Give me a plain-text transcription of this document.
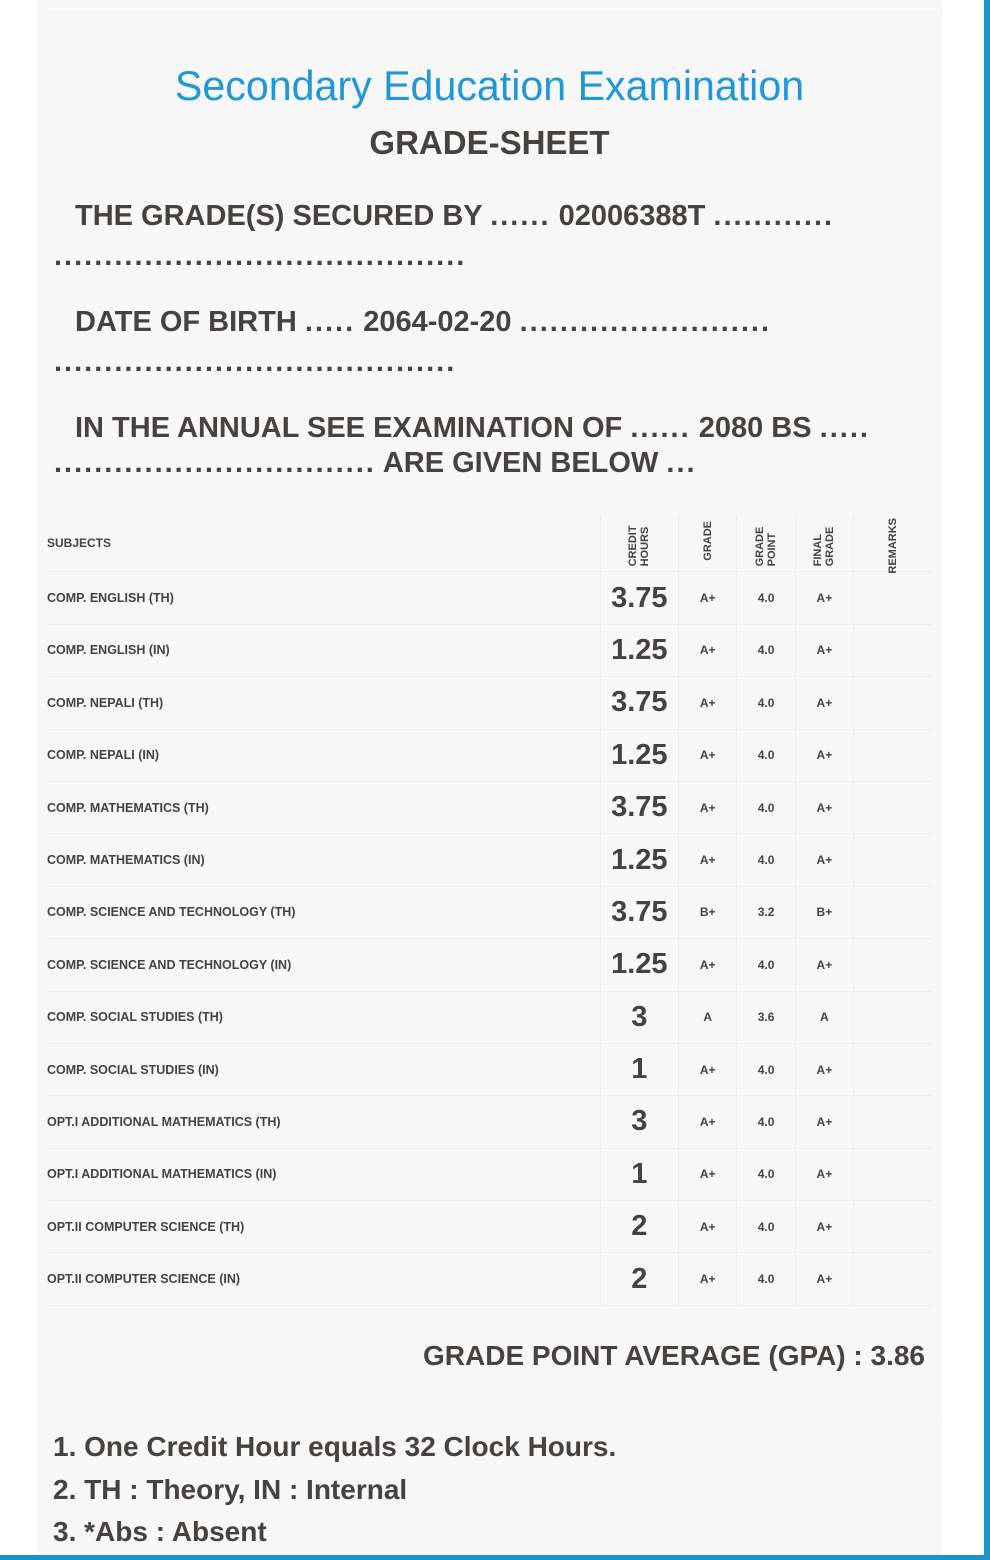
Secondary Education Examination
GRADE-SHEET
THE GRADE(S) SECURED BY ...... 02006388T ............
.........................................
DATE OF BIRTH ..... 2064-02-20 .........................
........................................
IN THE ANNUAL SEE EXAMINATION OF ...... 2080 BS .....
................................ ARE GIVEN BELOW ...
SUBJECTS	CREDIT HOURS	GRADE	GRADE POINT	FINAL GRADE	REMARKS
COMP. ENGLISH (TH)	3.75	A+	4.0	A+	
COMP. ENGLISH (IN)	1.25	A+	4.0	A+	
COMP. NEPALI (TH)	3.75	A+	4.0	A+	
COMP. NEPALI (IN)	1.25	A+	4.0	A+	
COMP. MATHEMATICS (TH)	3.75	A+	4.0	A+	
COMP. MATHEMATICS (IN)	1.25	A+	4.0	A+	
COMP. SCIENCE AND TECHNOLOGY (TH)	3.75	B+	3.2	B+	
COMP. SCIENCE AND TECHNOLOGY (IN)	1.25	A+	4.0	A+	
COMP. SOCIAL STUDIES (TH)	3	A	3.6	A	
COMP. SOCIAL STUDIES (IN)	1	A+	4.0	A+	
OPT.I ADDITIONAL MATHEMATICS (TH)	3	A+	4.0	A+	
OPT.I ADDITIONAL MATHEMATICS (IN)	1	A+	4.0	A+	
OPT.II COMPUTER SCIENCE (TH)	2	A+	4.0	A+	
OPT.II COMPUTER SCIENCE (IN)	2	A+	4.0	A+	
GRADE POINT AVERAGE (GPA) : 3.86
1. One Credit Hour equals 32 Clock Hours.
2. TH : Theory, IN : Internal
3. *Abs : Absent
